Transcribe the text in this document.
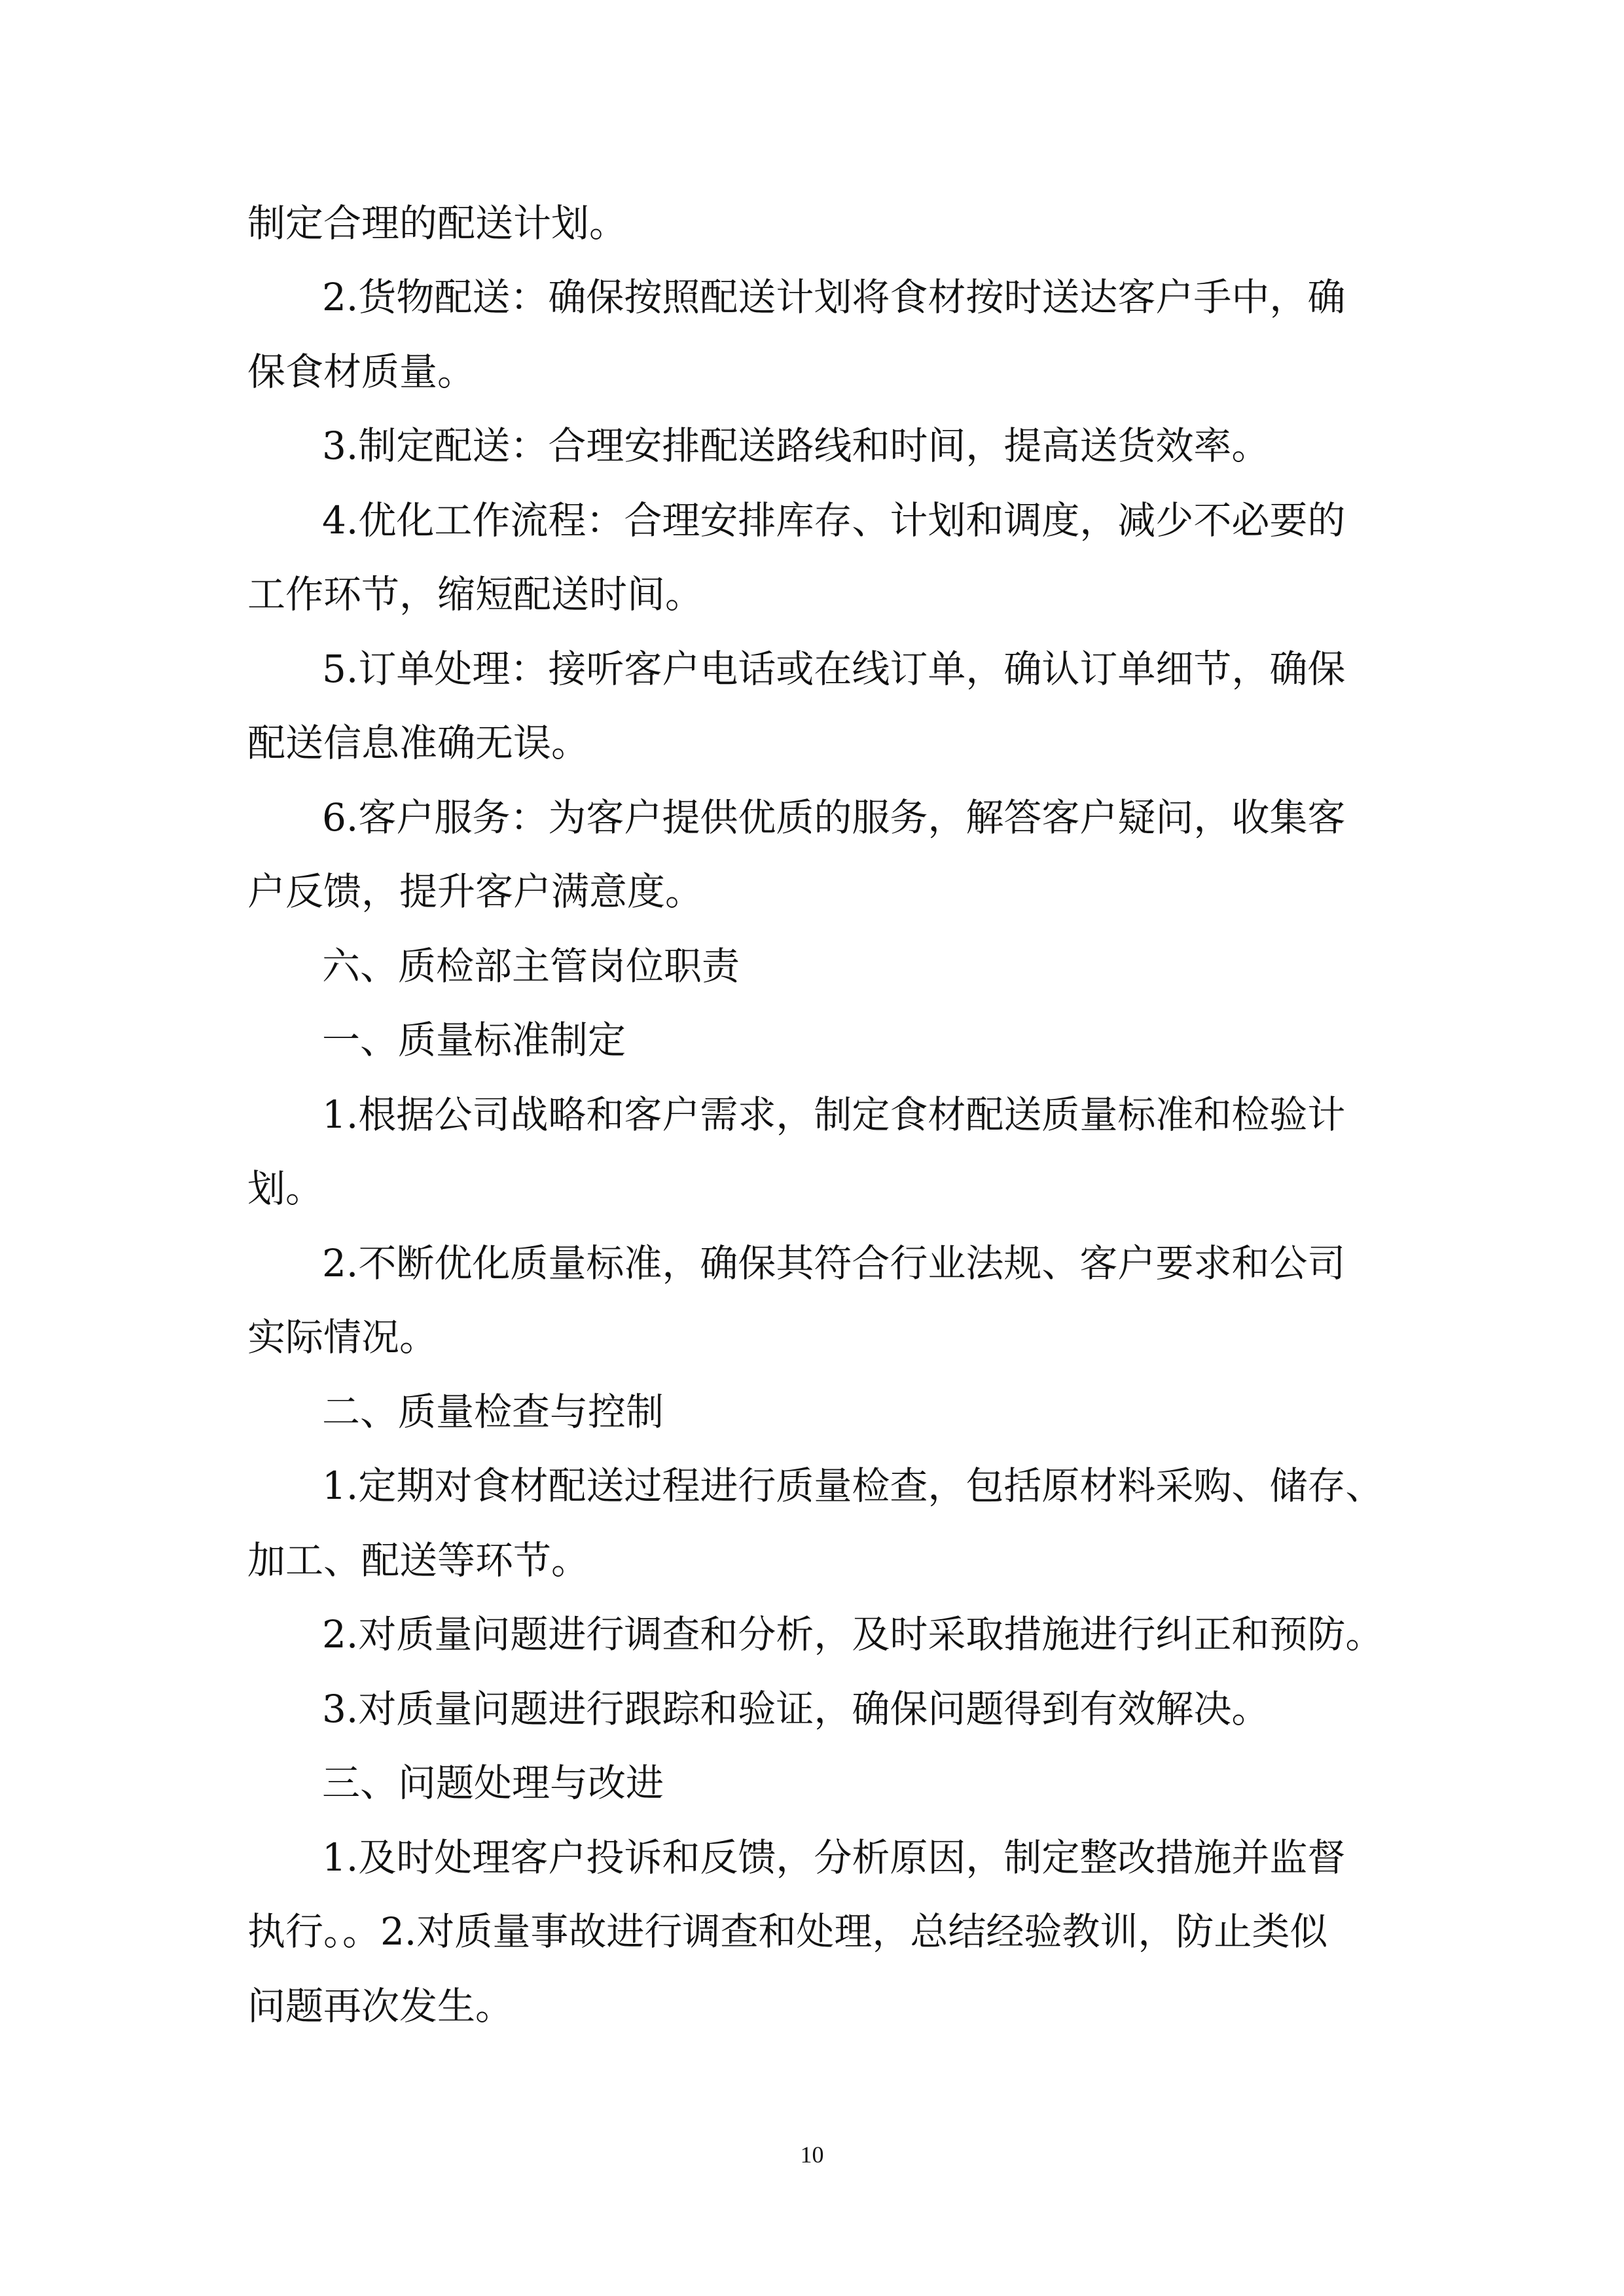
制定合理的配送计划。
2.货物配送：确保按照配送计划将食材按时送达客户手中，确
保食材质量。
3.制定配送：合理安排配送路线和时间，提高送货效率。
4.优化工作流程：合理安排库存、计划和调度，减少不必要的
工作环节，缩短配送时间。
5.订单处理：接听客户电话或在线订单，确认订单细节，确保
配送信息准确无误。
6.客户服务：为客户提供优质的服务，解答客户疑问，收集客
户反馈，提升客户满意度。
六、质检部主管岗位职责
一、质量标准制定
1.根据公司战略和客户需求，制定食材配送质量标准和检验计
划。
2.不断优化质量标准，确保其符合行业法规、客户要求和公司
实际情况。
二、质量检查与控制
1.定期对食材配送过程进行质量检查，包括原材料采购、储存、
加工、配送等环节。
2.对质量问题进行调查和分析，及时采取措施进行纠正和预防。
3.对质量问题进行跟踪和验证，确保问题得到有效解决。
三、问题处理与改进
1.及时处理客户投诉和反馈，分析原因，制定整改措施并监督
执行。。2.对质量事故进行调查和处理，总结经验教训，防止类似
问题再次发生。
10
